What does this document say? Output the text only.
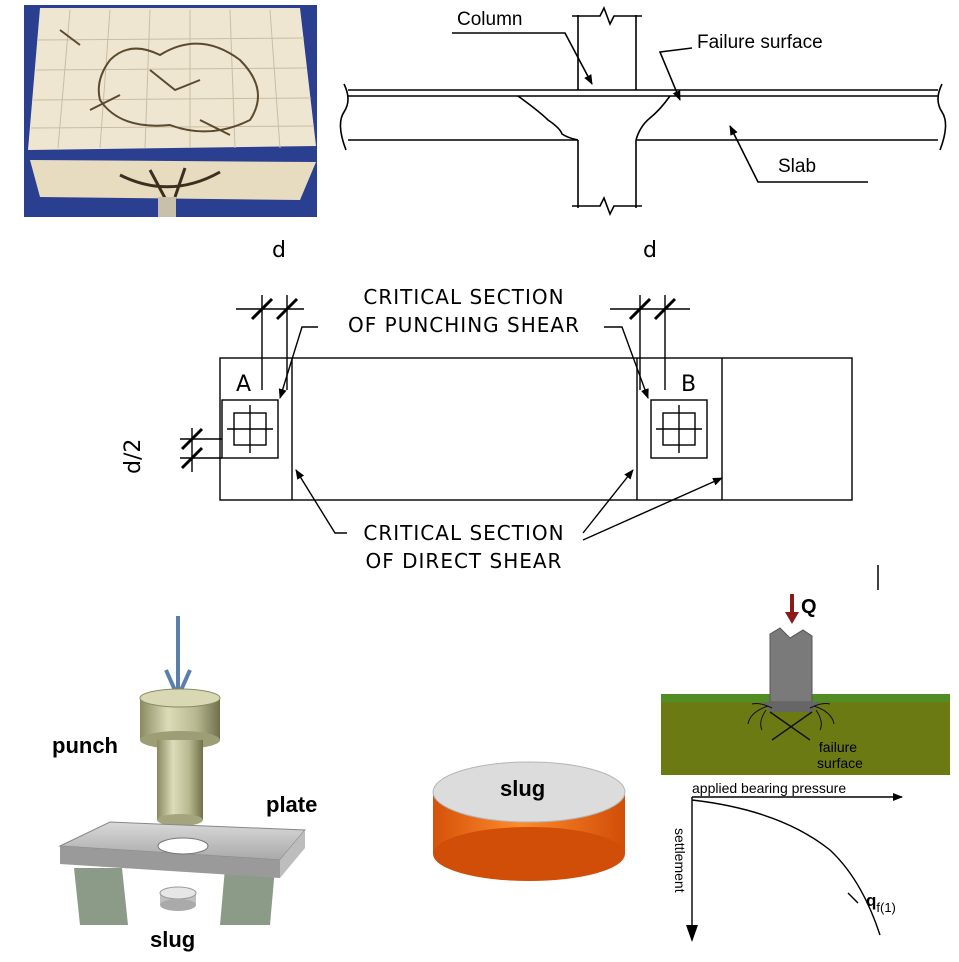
Column
Failure surface
Slab
d	d
d/2
CRITICAL SECTION
OF PUNCHING SHEAR
CRITICAL SECTION
OF DIRECT SHEAR
A	B
punch
plate
slug
slug
Q
failure
surface
applied bearing pressure
settlement
$q_{f(1)}$
